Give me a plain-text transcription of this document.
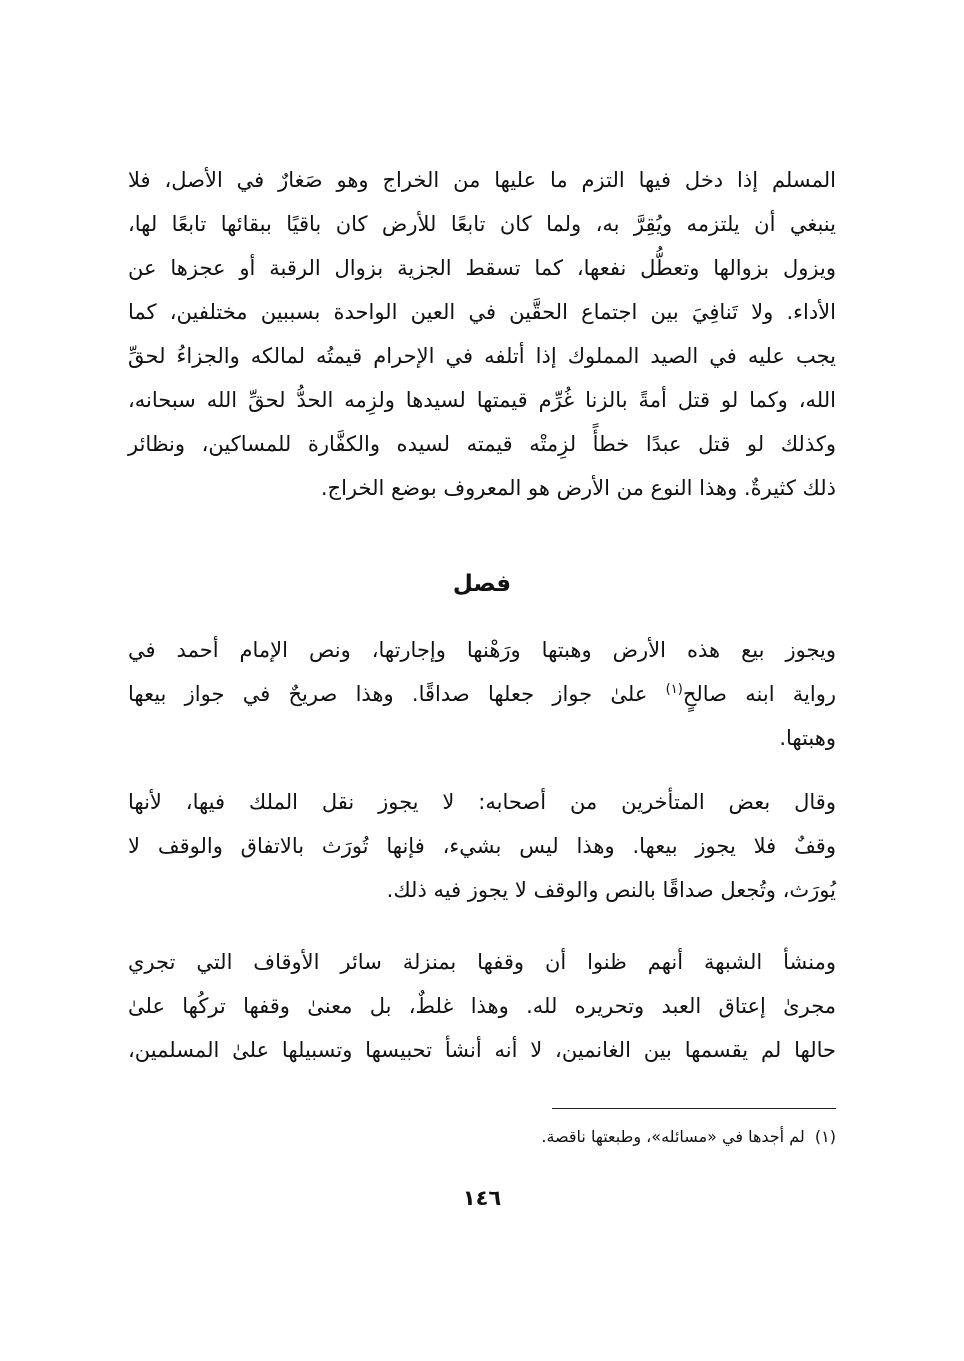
المسلم إذا دخل فيها التزم ما عليها من الخراج وهو صَغارٌ في الأصل، فلا
ينبغي أن يلتزمه ويُقِرَّ به، ولما كان تابعًا للأرض كان باقيًا ببقائها تابعًا لها،
ويزول بزوالها وتعطُّل نفعها، كما تسقط الجزية بزوال الرقبة أو عجزها عن
الأداء. ولا تَنافِيَ بين اجتماع الحقَّين في العين الواحدة بسببين مختلفين، كما
يجب عليه في الصيد المملوك إذا أتلفه في الإحرام قيمتُه لمالكه والجزاءُ لحقِّ
الله، وكما لو قتل أمةً بالزنا غُرِّم قيمتها لسيدها ولزِمه الحدُّ لحقِّ الله سبحانه،
وكذلك لو قتل عبدًا خطأً لزِمتْه قيمته لسيده والكفَّارة للمساكين، ونظائر
ذلك كثيرةٌ. وهذا النوع من الأرض هو المعروف بوضع الخراج.
فصل
ويجوز بيع هذه الأرض وهبتها ورَهْنها وإجارتها، ونص الإمام أحمد في
رواية ابنه صالحٍ$^{(١)}$ علىٰ جواز جعلها صداقًا. وهذا صريحٌ في جواز بيعها
وهبتها.
وقال بعض المتأخرين من أصحابه: لا يجوز نقل الملك فيها، لأنها
وقفٌ فلا يجوز بيعها. وهذا ليس بشيء، فإنها تُورَث بالاتفاق والوقف لا
يُورَث، وتُجعل صداقًا بالنص والوقف لا يجوز فيه ذلك.
ومنشأ الشبهة أنهم ظنوا أن وقفها بمنزلة سائر الأوقاف التي تجري
مجرىٰ إعتاق العبد وتحريره لله. وهذا غلطٌ، بل معنىٰ وقفها تركُها علىٰ
حالها لم يقسمها بين الغانمين، لا أنه أنشأ تحبيسها وتسبيلها علىٰ المسلمين،
(١)  لم أجدها في «مسائله»، وطبعتها ناقصة.
١٤٦
